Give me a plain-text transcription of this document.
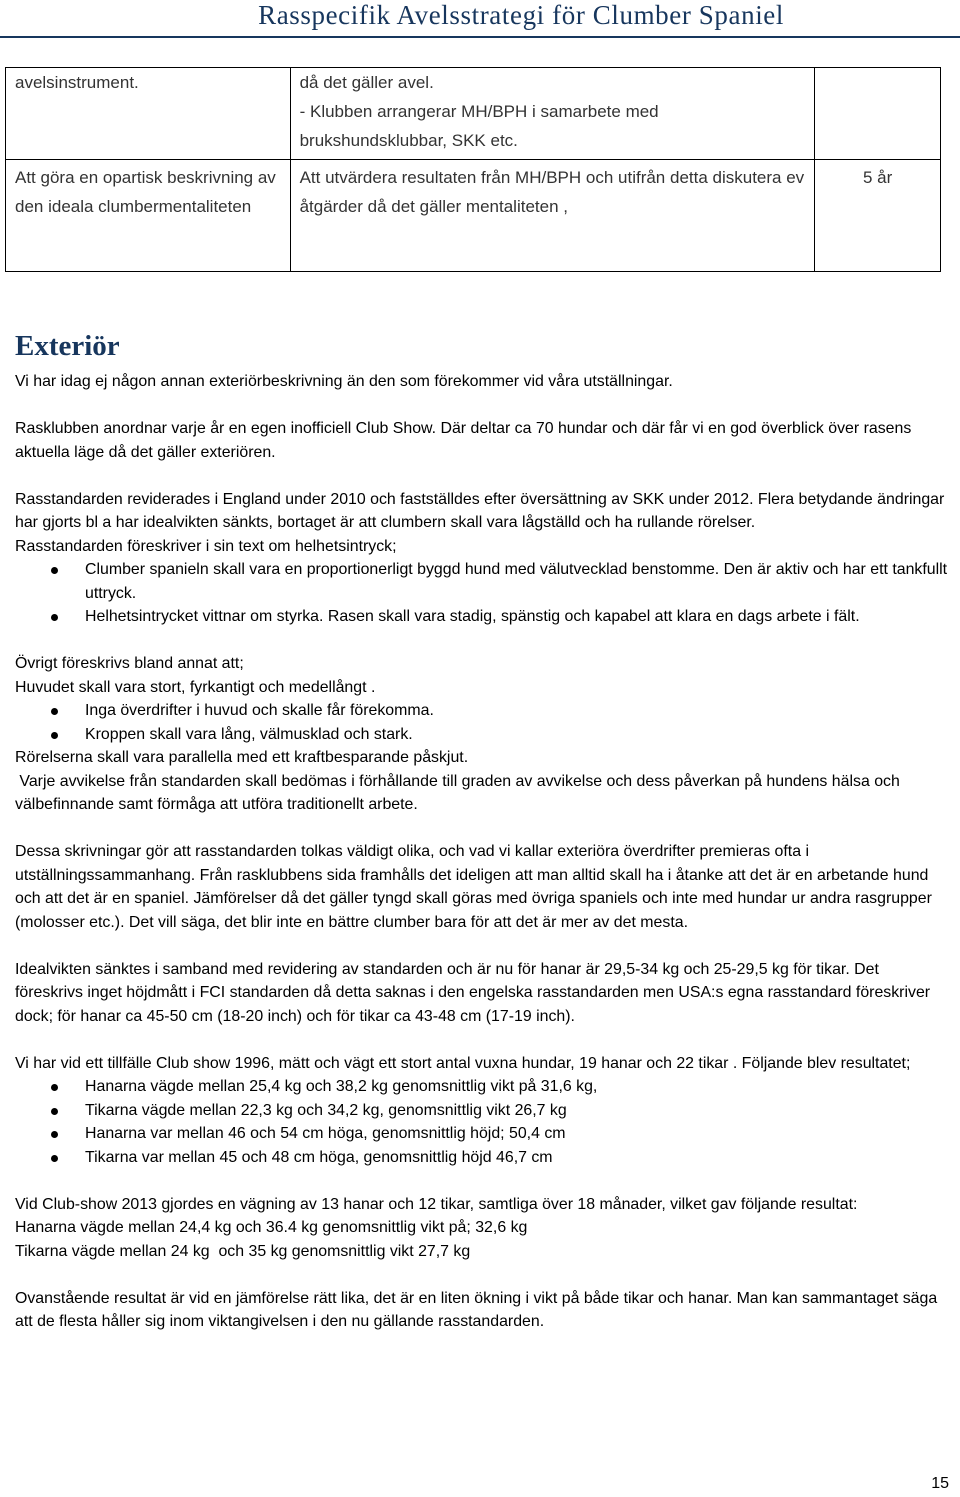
Rasspecifik Avelsstrategi för Clumber Spaniel
avelsinstrument.	då det gäller avel.
- Klubben arrangerar MH/BPH i samarbete med
brukshundsklubbar, SKK etc.	

Att göra en opartisk beskrivning av den ideala clumbermentaliteten	Att utvärdera resultaten från MH/BPH och utifrån detta diskutera ev åtgärder då det gäller mentaliteten ,	5 år
Exteriör

Vi har idag ej någon annan exteriörbeskrivning än den som förekommer vid våra utställningar.

Rasklubben anordnar varje år en egen inofficiell Club Show. Där deltar ca 70 hundar och där får vi en god överblick över rasens aktuella läge då det gäller exteriören.

Rasstandarden reviderades i England under 2010 och fastställdes efter översättning av SKK under 2012. Flera betydande ändringar har gjorts bl a har idealvikten sänkts, bortaget är att clumbern skall vara lågställd och ha rullande rörelser.

Rasstandarden föreskriver i sin text om helhetsintryck;

Clumber spanieln skall vara en proportionerligt byggd hund med välutvecklad benstomme. Den är aktiv och har ett tankfullt uttryck.
Helhetsintrycket vittnar om styrka. Rasen skall vara stadig, spänstig och kapabel att klara en dags arbete i fält.

Övrigt föreskrivs bland annat att;

Huvudet skall vara stort, fyrkantigt och medellångt .

Inga överdrifter i huvud och skalle får förekomma.
Kroppen skall vara lång, välmusklad och stark.

Rörelserna skall vara parallella med ett kraftbesparande påskjut.

Varje avvikelse från standarden skall bedömas i förhållande till graden av avvikelse och dess påverkan på hundens hälsa och välbefinnande samt förmåga att utföra traditionellt arbete.

Dessa skrivningar gör att rasstandarden tolkas väldigt olika, och vad vi kallar exteriöra överdrifter premieras ofta i utställningssammanhang. Från rasklubbens sida framhålls det ideligen att man alltid skall ha i åtanke att det är en arbetande hund och att det är en spaniel. Jämförelser då det gäller tyngd skall göras med övriga spaniels och inte med hundar ur andra rasgrupper (molosser etc.). Det vill säga, det blir inte en bättre clumber bara för att det är mer av det mesta.

Idealvikten sänktes i samband med revidering av standarden och är nu för hanar är 29,5-34 kg och 25-29,5 kg för tikar. Det föreskrivs inget höjdmått i FCI standarden då detta saknas i den engelska rasstandarden men USA:s egna rasstandard föreskriver dock; för hanar ca 45-50 cm (18-20 inch) och för tikar ca 43-48 cm (17-19 inch).

Vi har vid ett tillfälle Club show 1996, mätt och vägt ett stort antal vuxna hundar, 19 hanar och 22 tikar . Följande blev resultatet;

Hanarna vägde mellan 25,4 kg och 38,2 kg genomsnittlig vikt på 31,6 kg,
Tikarna vägde mellan 22,3 kg och 34,2 kg, genomsnittlig vikt 26,7 kg
Hanarna var mellan 46 och 54 cm höga, genomsnittlig höjd; 50,4 cm
Tikarna var mellan 45 och 48 cm höga, genomsnittlig höjd 46,7 cm

Vid Club-show 2013 gjordes en vägning av 13 hanar och 12 tikar, samtliga över 18 månader, vilket gav följande resultat:

Hanarna vägde mellan 24,4 kg och 36.4 kg genomsnittlig vikt på; 32,6 kg

Tikarna vägde mellan 24 kg  och 35 kg genomsnittlig vikt 27,7 kg

Ovanstående resultat är vid en jämförelse rätt lika, det är en liten ökning i vikt på både tikar och hanar. Man kan sammantaget säga att de flesta håller sig inom viktangivelsen i den nu gällande rasstandarden.

15
